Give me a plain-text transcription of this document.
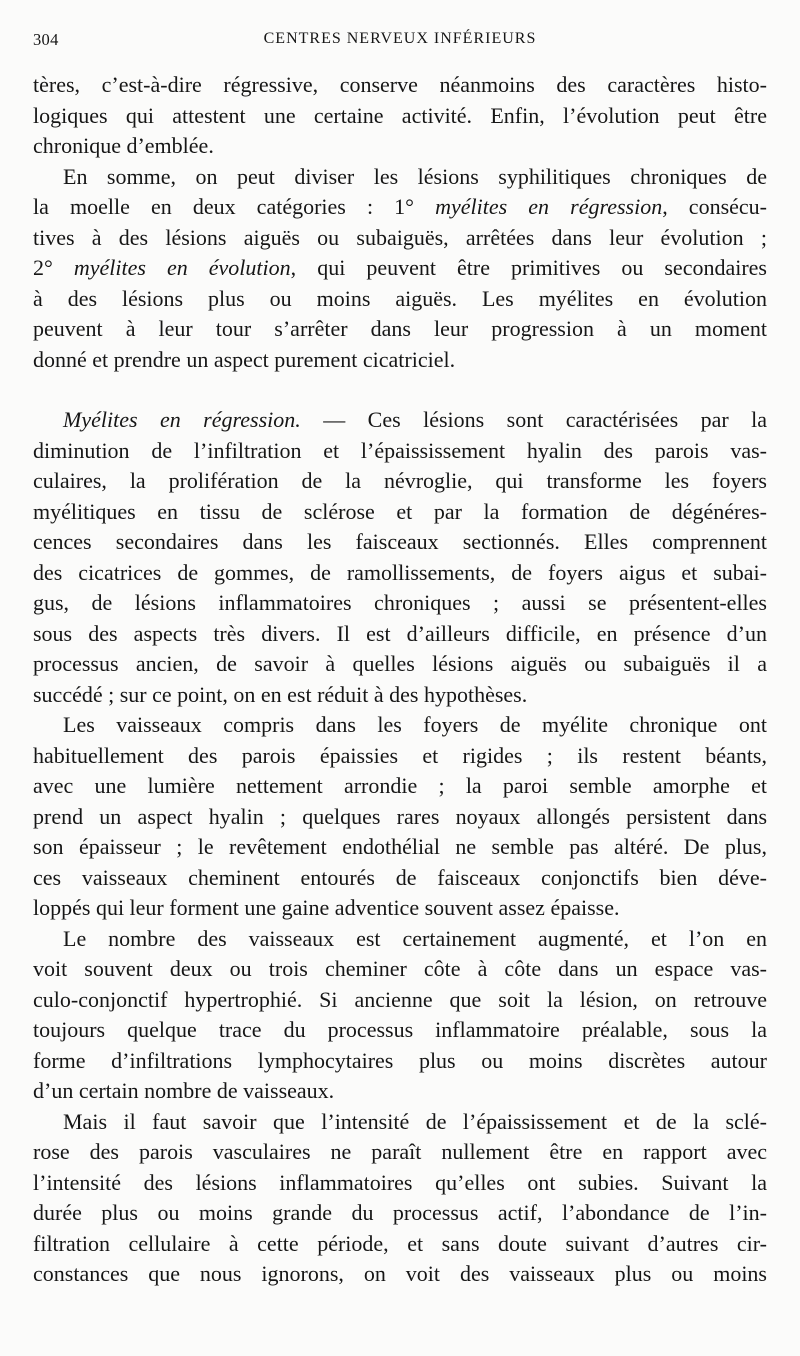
304	CENTRES NERVEUX INFÉRIEURS
tères, c’est-à-dire régressive, conserve néanmoins des caractères histo-
logiques qui attestent une certaine activité. Enfin, l’évolution peut être
chronique d’emblée.
En somme, on peut diviser les lésions syphilitiques chroniques de
la moelle en deux catégories : 1° myélites en régression, consécu-
tives à des lésions aiguës ou subaiguës, arrêtées dans leur évolution ;
2° myélites en évolution, qui peuvent être primitives ou secondaires
à des lésions plus ou moins aiguës. Les myélites en évolution
peuvent à leur tour s’arrêter dans leur progression à un moment
donné et prendre un aspect purement cicatriciel.
Myélites en régression. — Ces lésions sont caractérisées par la
diminution de l’infiltration et l’épaississement hyalin des parois vas-
culaires, la prolifération de la névroglie, qui transforme les foyers
myélitiques en tissu de sclérose et par la formation de dégénéres-
cences secondaires dans les faisceaux sectionnés. Elles comprennent
des cicatrices de gommes, de ramollissements, de foyers aigus et subai-
gus, de lésions inflammatoires chroniques ; aussi se présentent-elles
sous des aspects très divers. Il est d’ailleurs difficile, en présence d’un
processus ancien, de savoir à quelles lésions aiguës ou subaiguës il a
succédé ; sur ce point, on en est réduit à des hypothèses.
Les vaisseaux compris dans les foyers de myélite chronique ont
habituellement des parois épaissies et rigides ; ils restent béants,
avec une lumière nettement arrondie ; la paroi semble amorphe et
prend un aspect hyalin ; quelques rares noyaux allongés persistent dans
son épaisseur ; le revêtement endothélial ne semble pas altéré. De plus,
ces vaisseaux cheminent entourés de faisceaux conjonctifs bien déve-
loppés qui leur forment une gaine adventice souvent assez épaisse.
Le nombre des vaisseaux est certainement augmenté, et l’on en
voit souvent deux ou trois cheminer côte à côte dans un espace vas-
culo-conjonctif hypertrophié. Si ancienne que soit la lésion, on retrouve
toujours quelque trace du processus inflammatoire préalable, sous la
forme d’infiltrations lymphocytaires plus ou moins discrètes autour
d’un certain nombre de vaisseaux.
Mais il faut savoir que l’intensité de l’épaississement et de la sclé-
rose des parois vasculaires ne paraît nullement être en rapport avec
l’intensité des lésions inflammatoires qu’elles ont subies. Suivant la
durée plus ou moins grande du processus actif, l’abondance de l’in-
filtration cellulaire à cette période, et sans doute suivant d’autres cir-
constances que nous ignorons, on voit des vaisseaux plus ou moins
